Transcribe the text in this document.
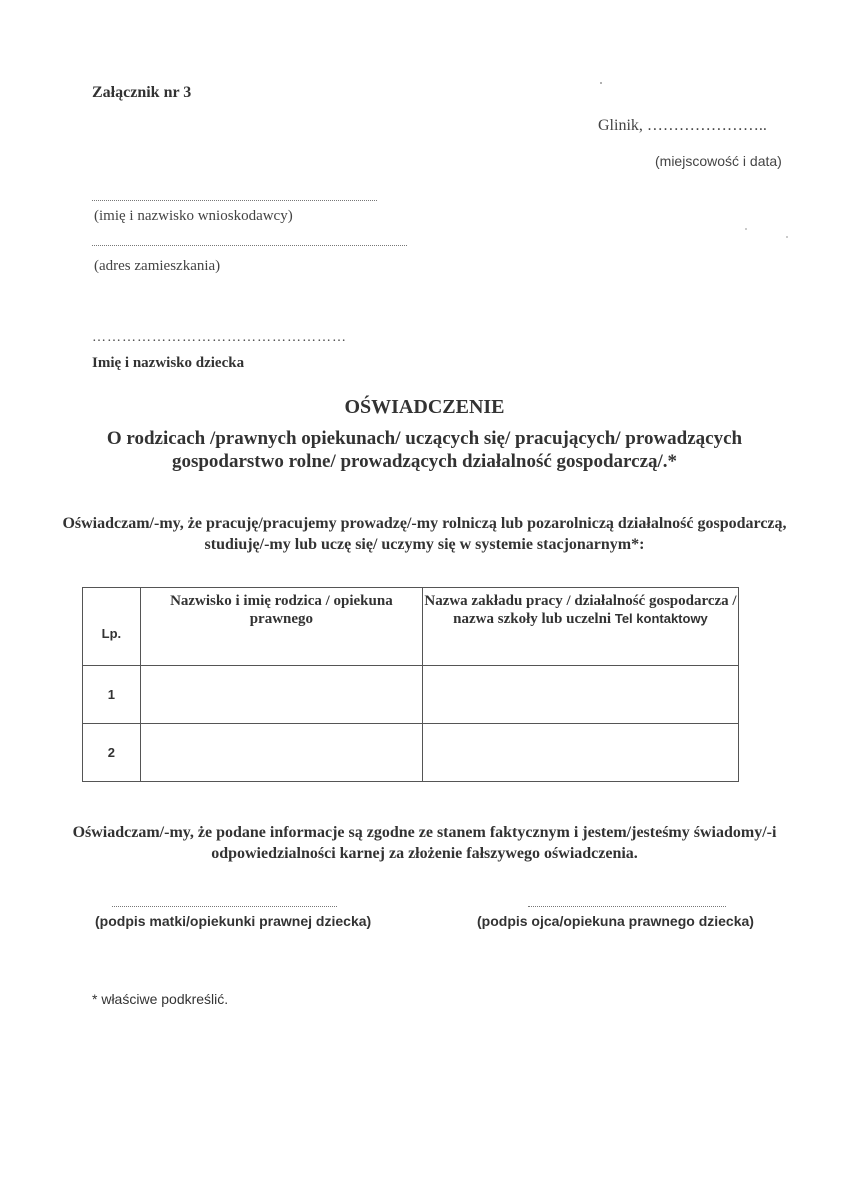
Załącznik nr 3
Glinik, …………………..
(miejscowość i data)
(imię i nazwisko wnioskodawcy)
(adres zamieszkania)
……………………………………………
Imię i nazwisko dziecka
OŚWIADCZENIE
O rodzicach /prawnych opiekunach/ uczących się/ pracujących/ prowadzących gospodarstwo rolne/ prowadzących działalność gospodarczą/.*
Oświadczam/-my, że pracuję/pracujemy prowadzę/-my rolniczą lub pozarolniczą działalność gospodarczą, studiuję/-my lub uczę się/ uczymy się w systemie stacjonarnym*:
Lp.	Nazwisko i imię rodzica / opiekuna prawnego	Nazwa zakładu pracy / działalność gospodarcza /
nazwa szkoły lub uczelni Tel kontaktowy
1		
2		
Oświadczam/-my, że podane informacje są zgodne ze stanem faktycznym i jestem/jesteśmy świadomy/-i odpowiedzialności karnej za złożenie fałszywego oświadczenia.
(podpis matki/opiekunki prawnej dziecka)	(podpis ojca/opiekuna prawnego dziecka)
* właściwe podkreślić.
